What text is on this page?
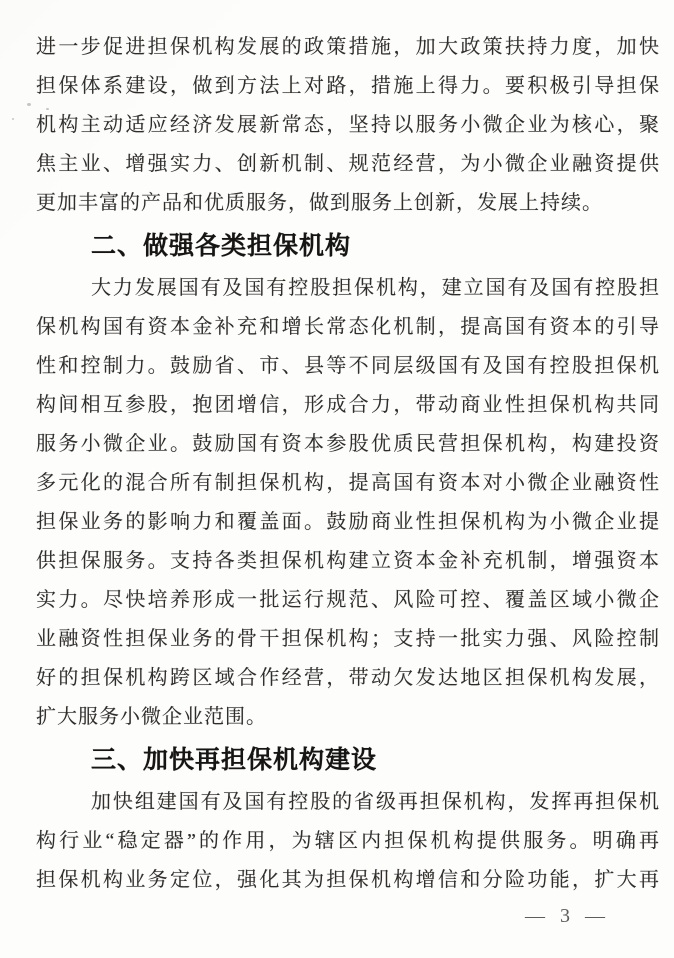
进一步促进担保机构发展的政策措施，加大政策扶持力度，加快
担保体系建设，做到方法上对路，措施上得力。要积极引导担保
机构主动适应经济发展新常态，坚持以服务小微企业为核心，聚
焦主业、增强实力、创新机制、规范经营，为小微企业融资提供
更加丰富的产品和优质服务，做到服务上创新，发展上持续。
二、做强各类担保机构
大力发展国有及国有控股担保机构，建立国有及国有控股担
保机构国有资本金补充和增长常态化机制，提高国有资本的引导
性和控制力。鼓励省、市、县等不同层级国有及国有控股担保机
构间相互参股，抱团增信，形成合力，带动商业性担保机构共同
服务小微企业。鼓励国有资本参股优质民营担保机构，构建投资
多元化的混合所有制担保机构，提高国有资本对小微企业融资性
担保业务的影响力和覆盖面。鼓励商业性担保机构为小微企业提
供担保服务。支持各类担保机构建立资本金补充机制，增强资本
实力。尽快培养形成一批运行规范、风险可控、覆盖区域小微企
业融资性担保业务的骨干担保机构；支持一批实力强、风险控制
好的担保机构跨区域合作经营，带动欠发达地区担保机构发展，
扩大服务小微企业范围。
三、加快再担保机构建设
加快组建国有及国有控股的省级再担保机构，发挥再担保机
构行业“稳定器”的作用，为辖区内担保机构提供服务。明确再
担保机构业务定位，强化其为担保机构增信和分险功能，扩大再
— 3 —
